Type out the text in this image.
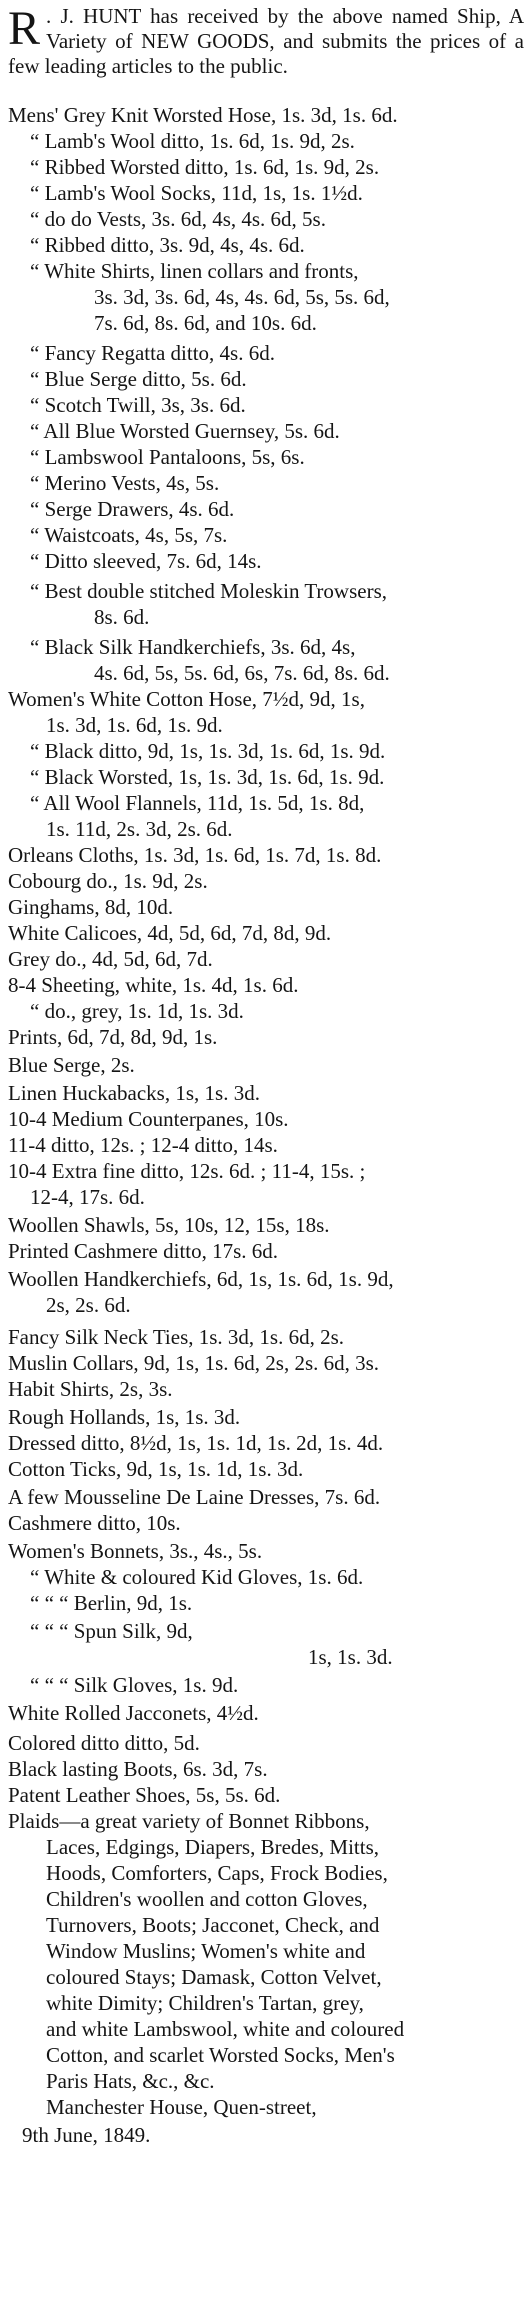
R . J. HUNT has received by the above named Ship, A Variety of NEW GOODS, and submits the prices of a few leading articles to the public.
Mens' Grey Knit Worsted Hose, 1s. 3d, 1s. 6d.
“ Lamb's Wool ditto, 1s. 6d, 1s. 9d, 2s.
“ Ribbed Worsted ditto, 1s. 6d, 1s. 9d, 2s.
“ Lamb's Wool Socks, 11d, 1s, 1s. 1½d.
“ do do Vests, 3s. 6d, 4s, 4s. 6d, 5s.
“ Ribbed ditto, 3s. 9d, 4s, 4s. 6d.
“ White Shirts, linen collars and fronts,
3s. 3d, 3s. 6d, 4s, 4s. 6d, 5s, 5s. 6d,
7s. 6d, 8s. 6d, and 10s. 6d.
“ Fancy Regatta ditto, 4s. 6d.
“ Blue Serge ditto, 5s. 6d.
“ Scotch Twill, 3s, 3s. 6d.
“ All Blue Worsted Guernsey, 5s. 6d.
“ Lambswool Pantaloons, 5s, 6s.
“ Merino Vests, 4s, 5s.
“ Serge Drawers, 4s. 6d.
“ Waistcoats, 4s, 5s, 7s.
“ Ditto sleeved, 7s. 6d, 14s.
“ Best double stitched Moleskin Trowsers,
8s. 6d.
“ Black Silk Handkerchiefs, 3s. 6d, 4s,
4s. 6d, 5s, 5s. 6d, 6s, 7s. 6d, 8s. 6d.
Women's White Cotton Hose, 7½d, 9d, 1s,
1s. 3d, 1s. 6d, 1s. 9d.
“ Black ditto, 9d, 1s, 1s. 3d, 1s. 6d, 1s. 9d.
“ Black Worsted, 1s, 1s. 3d, 1s. 6d, 1s. 9d.
“ All Wool Flannels, 11d, 1s. 5d, 1s. 8d,
1s. 11d, 2s. 3d, 2s. 6d.
Orleans Cloths, 1s. 3d, 1s. 6d, 1s. 7d, 1s. 8d.
Cobourg do., 1s. 9d, 2s.
Ginghams, 8d, 10d.
White Calicoes, 4d, 5d, 6d, 7d, 8d, 9d.
Grey do., 4d, 5d, 6d, 7d.
8-4 Sheeting, white, 1s. 4d, 1s. 6d.
“ do., grey, 1s. 1d, 1s. 3d.
Prints, 6d, 7d, 8d, 9d, 1s.
Blue Serge, 2s.
Linen Huckabacks, 1s, 1s. 3d.
10-4 Medium Counterpanes, 10s.
11-4 ditto, 12s. ; 12-4 ditto, 14s.
10-4 Extra fine ditto, 12s. 6d. ; 11-4, 15s. ;
12-4, 17s. 6d.
Woollen Shawls, 5s, 10s, 12, 15s, 18s.
Printed Cashmere ditto, 17s. 6d.
Woollen Handkerchiefs, 6d, 1s, 1s. 6d, 1s. 9d,
2s, 2s. 6d.
Fancy Silk Neck Ties, 1s. 3d, 1s. 6d, 2s.
Muslin Collars, 9d, 1s, 1s. 6d, 2s, 2s. 6d, 3s.
Habit Shirts, 2s, 3s.
Rough Hollands, 1s, 1s. 3d.
Dressed ditto, 8½d, 1s, 1s. 1d, 1s. 2d, 1s. 4d.
Cotton Ticks, 9d, 1s, 1s. 1d, 1s. 3d.
A few Mousseline De Laine Dresses, 7s. 6d.
Cashmere ditto, 10s.
Women's Bonnets, 3s., 4s., 5s.
“ White & coloured Kid Gloves, 1s. 6d.
“ “ “ Berlin, 9d, 1s.
“ “ “ Spun Silk, 9d,
1s, 1s. 3d.
“ “ “ Silk Gloves, 1s. 9d.
White Rolled Jacconets, 4½d.
Colored ditto ditto, 5d.
Black lasting Boots, 6s. 3d, 7s.
Patent Leather Shoes, 5s, 5s. 6d.
Plaids—a great variety of Bonnet Ribbons,
Laces, Edgings, Diapers, Bredes, Mitts,
Hoods, Comforters, Caps, Frock Bodies,
Children's woollen and cotton Gloves,
Turnovers, Boots; Jacconet, Check, and
Window Muslins; Women's white and
coloured Stays; Damask, Cotton Velvet,
white Dimity; Children's Tartan, grey,
and white Lambswool, white and coloured
Cotton, and scarlet Worsted Socks, Men's
Paris Hats, &c., &c.
Manchester House, Quen-street,
9th June, 1849.
